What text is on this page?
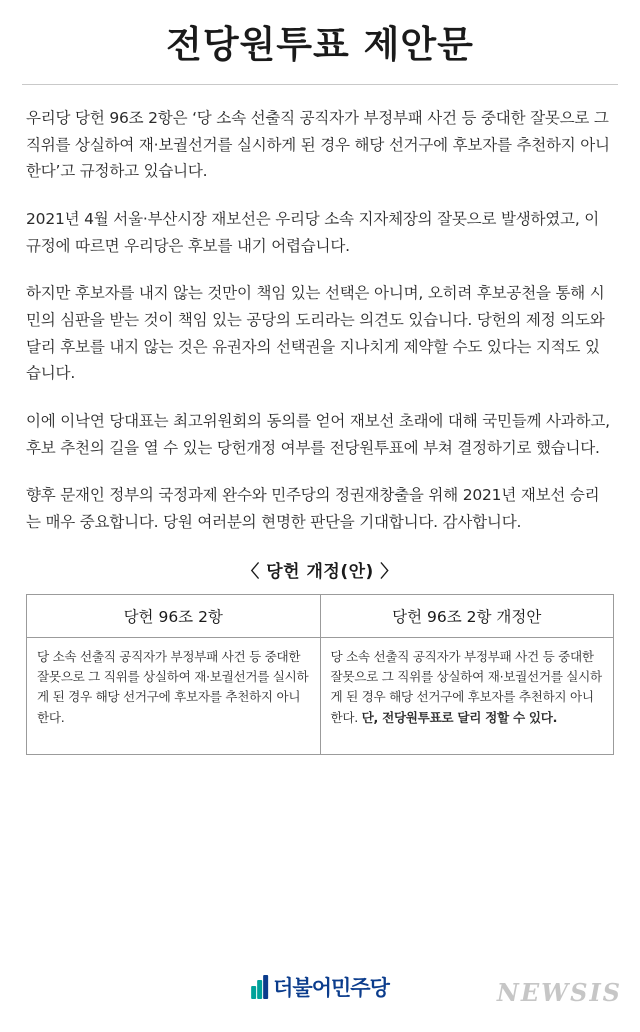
전당원투표 제안문

우리당 당헌 96조 2항은 ‘당 소속 선출직 공직자가 부정부패 사건 등 중대한 잘못으로 그 직위를 상실하여 재·보궐선거를 실시하게 된 경우 해당 선거구에 후보자를 추천하지 아니한다’고 규정하고 있습니다.

2021년 4월 서울·부산시장 재보선은 우리당 소속 지자체장의 잘못으로 발생하였고, 이 규정에 따르면 우리당은 후보를 내기 어렵습니다.

하지만 후보자를 내지 않는 것만이 책임 있는 선택은 아니며, 오히려 후보공천을 통해 시민의 심판을 받는 것이 책임 있는 공당의 도리라는 의견도 있습니다. 당헌의 제정 의도와 달리 후보를 내지 않는 것은 유권자의 선택권을 지나치게 제약할 수도 있다는 지적도 있습니다.

이에 이낙연 당대표는 최고위원회의 동의를 얻어 재보선 초래에 대해 국민들께 사과하고, 후보 추천의 길을 열 수 있는 당헌개정 여부를 전당원투표에 부쳐 결정하기로 했습니다.

향후 문재인 정부의 국정과제 완수와 민주당의 정권재창출을 위해 2021년 재보선 승리는 매우 중요합니다. 당원 여러분의 현명한 판단을 기대합니다. 감사합니다.

〈 당헌 개정(안) 〉
당헌 96조 2항	당헌 96조 2항 개정안
당 소속 선출직 공직자가 부정부패 사건 등 중대한 잘못으로 그 직위를 상실하여 재·보궐선거를 실시하게 된 경우 해당 선거구에 후보자를 추천하지 아니한다.	당 소속 선출직 공직자가 부정부패 사건 등 중대한 잘못으로 그 직위를 상실하여 재·보궐선거를 실시하게 된 경우 해당 선거구에 후보자를 추천하지 아니한다. 단, 전당원투표로 달리 정할 수 있다.
더불어민주당	NEWSIS
